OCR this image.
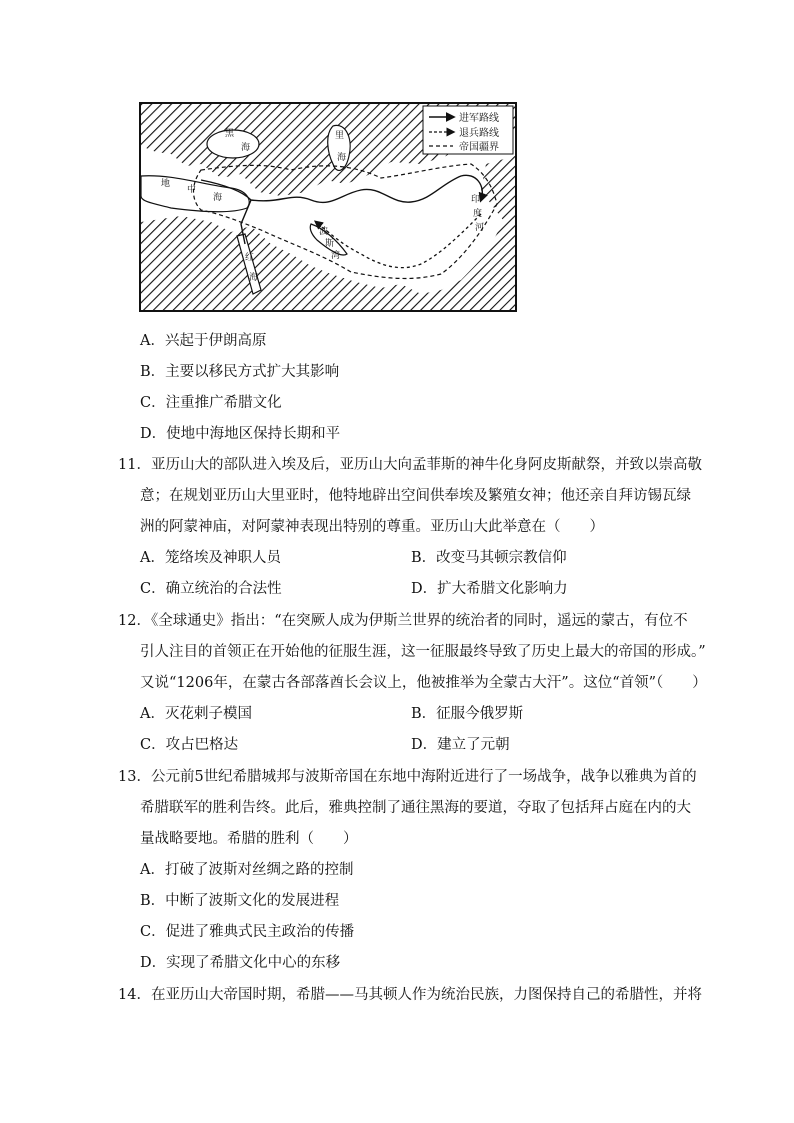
黑
海
里
海
地
中
海
红
海
波
斯
湾
印
度
河
进军路线
退兵路线
帝国疆界
A．兴起于伊朗高原
B．主要以移民方式扩大其影响
C．注重推广希腊文化
D．使地中海地区保持长期和平
11．亚历山大的部队进入埃及后，亚历山大向孟菲斯的神牛化身阿皮斯献祭，并致以崇高敬
意；在规划亚历山大里亚时，他特地辟出空间供奉埃及繁殖女神；他还亲自拜访锡瓦绿
洲的阿蒙神庙，对阿蒙神表现出特别的尊重。亚历山大此举意在（　　）
A．笼络埃及神职人员	B．改变马其顿宗教信仰
C．确立统治的合法性	D．扩大希腊文化影响力
12．《全球通史》指出：“在突厥人成为伊斯兰世界的统治者的同时，遥远的蒙古，有位不
引人注目的首领正在开始他的征服生涯，这一征服最终导致了历史上最大的帝国的形成。”
又说“1206年，在蒙古各部落酋长会议上，他被推举为全蒙古大汗”。这位“首领”（　　）
A．灭花剌子模国	B．征服今俄罗斯
C．攻占巴格达	D．建立了元朝
13．公元前5世纪希腊城邦与波斯帝国在东地中海附近进行了一场战争，战争以雅典为首的
希腊联军的胜利告终。此后，雅典控制了通往黑海的要道，夺取了包括拜占庭在内的大
量战略要地。希腊的胜利（　　）
A．打破了波斯对丝绸之路的控制
B．中断了波斯文化的发展进程
C．促进了雅典式民主政治的传播
D．实现了希腊文化中心的东移
14．在亚历山大帝国时期，希腊——马其顿人作为统治民族，力图保持自己的希腊性，并将
